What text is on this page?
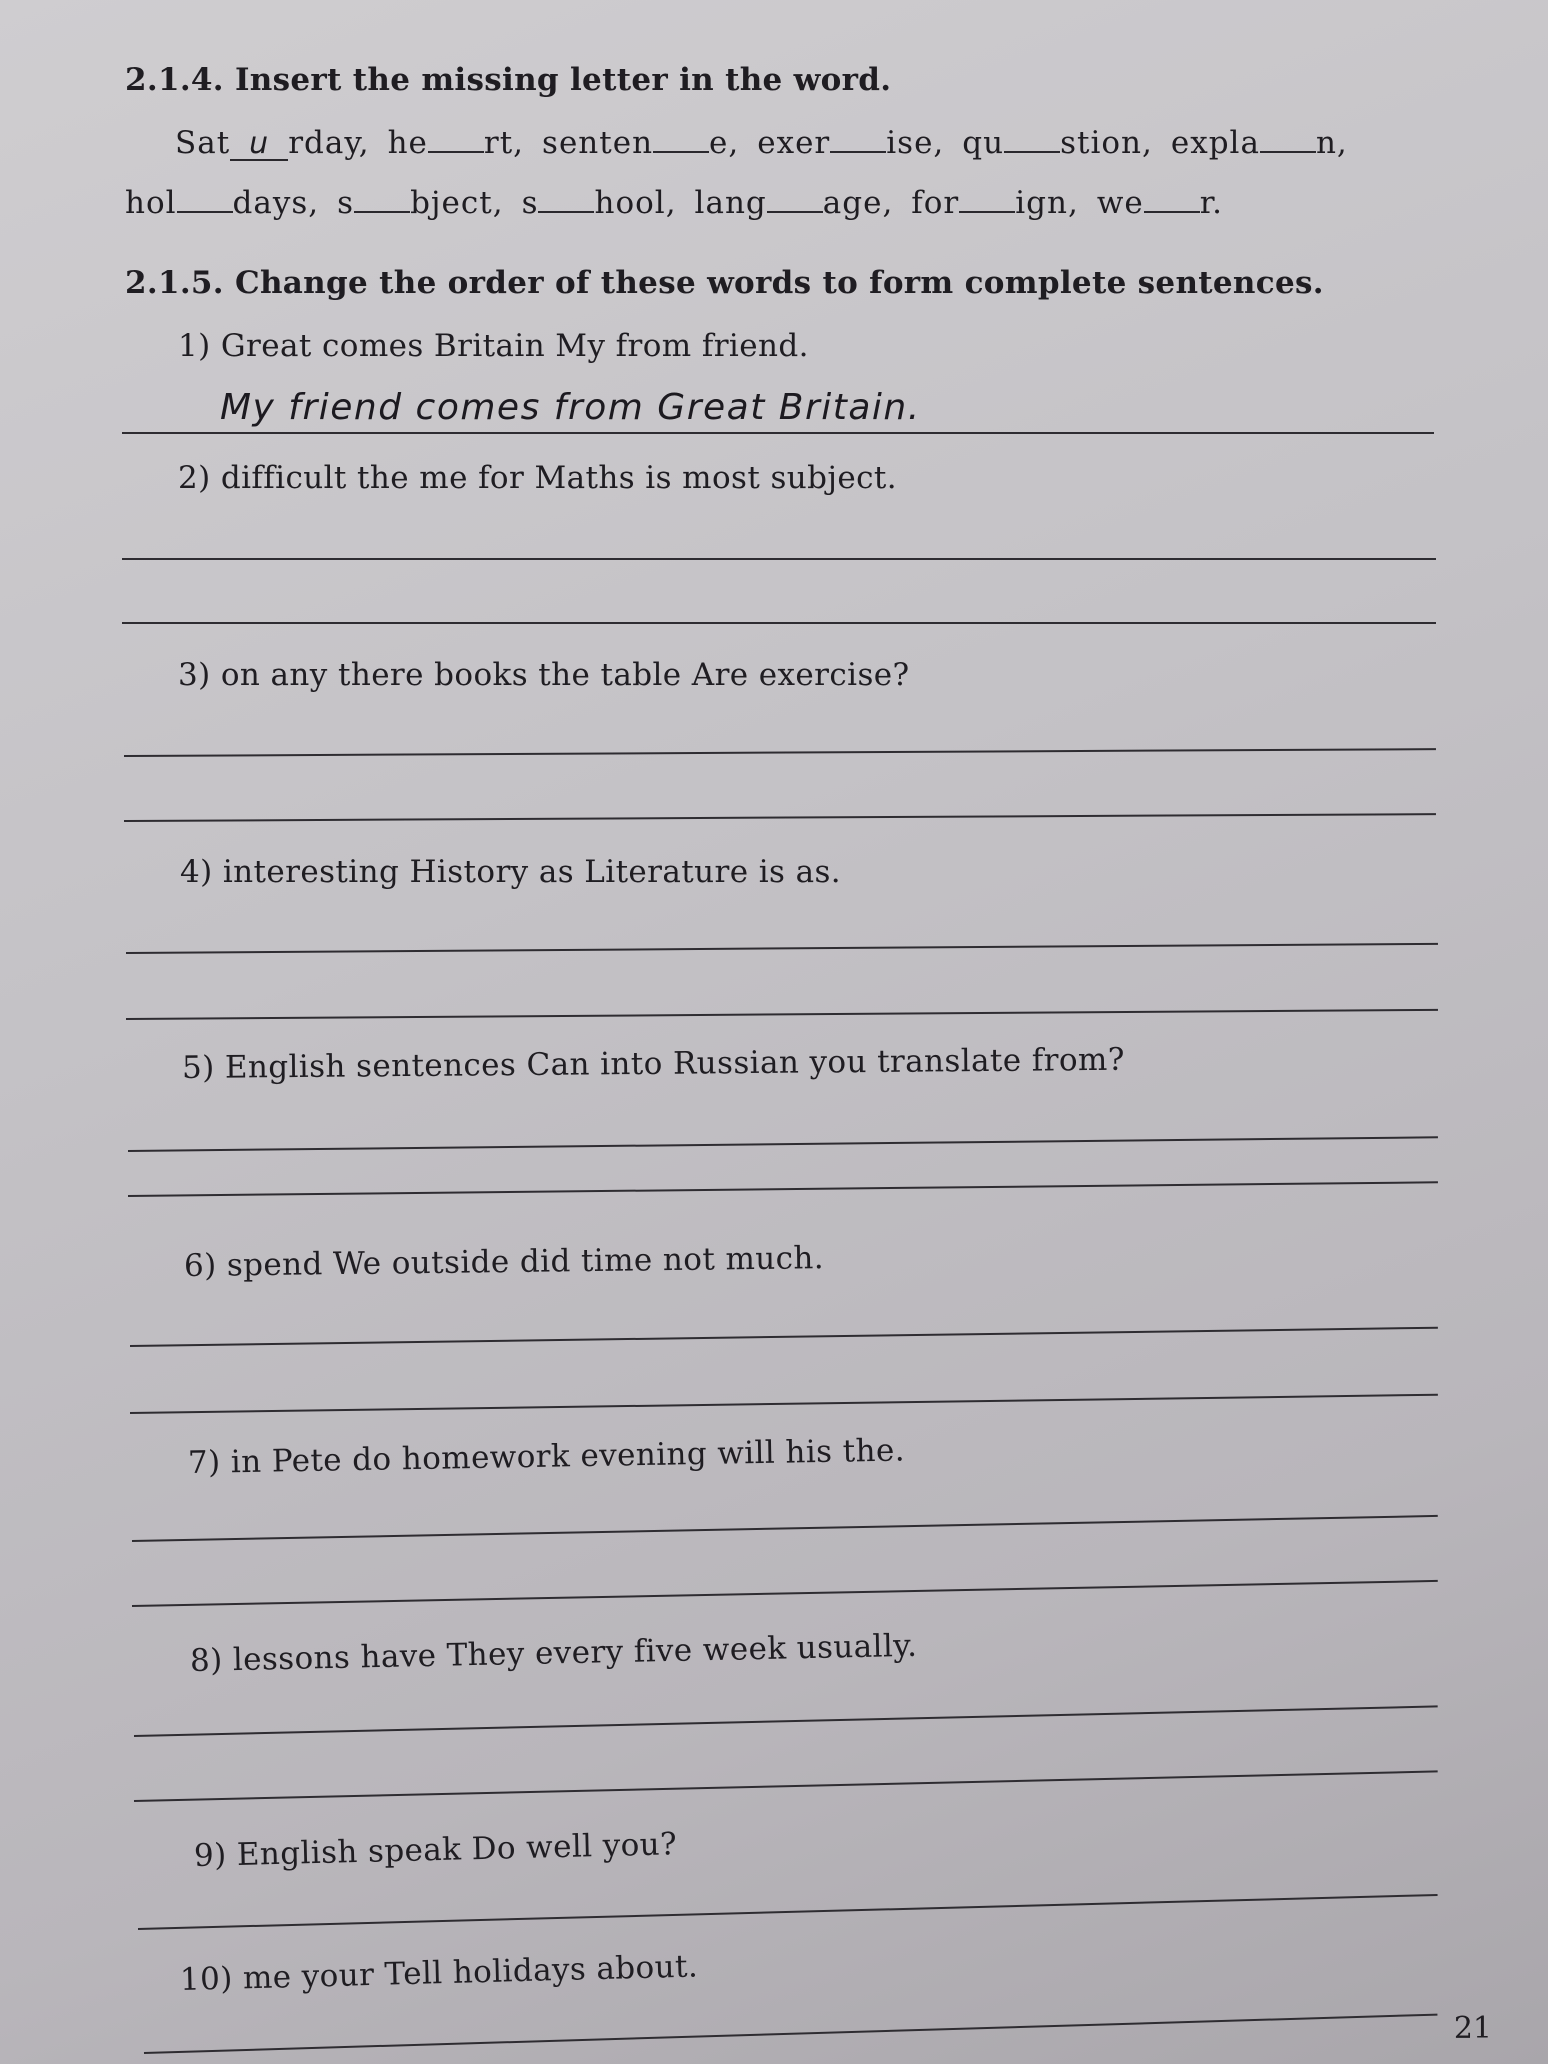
2.1.4. Insert the missing letter in the word.
Sat u rday, he rt, senten e, exer ise, qu stion, expla n,
hol days, s bject, s hool, lang age, for ign, we r.
2.1.5. Change the order of these words to form complete sentences.
1) Great comes Britain My from friend.
My friend comes from Great Britain.
2) difficult the me for Maths is most subject.
3) on any there books the table Are exercise?
4) interesting History as Literature is as.
5) English sentences Can into Russian you translate from?
6) spend We outside did time not much.
7) in Pete do homework evening will his the.
8) lessons have They every five week usually.
9) English speak Do well you?
10) me your Tell holidays about.
21
